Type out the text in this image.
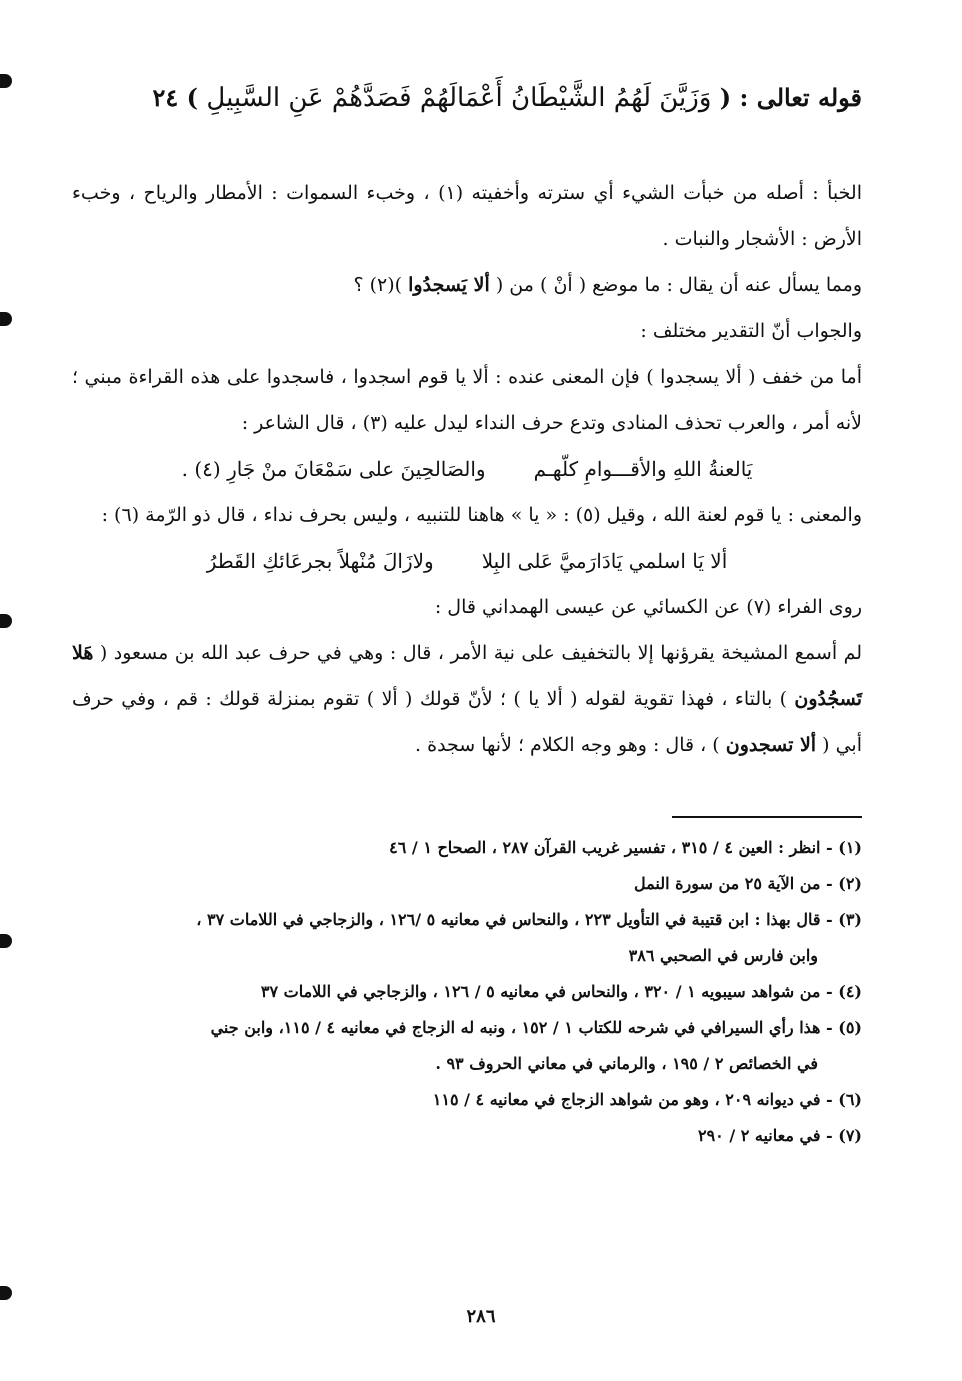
قوله تعالى : ( وَزَيَّنَ لَهُمُ الشَّيْطَانُ أَعْمَالَهُمْ فَصَدَّهُمْ عَنِ السَّبِيلِ ) ٢٤

الخبأ : أصله من خبأت الشيء أي سترته وأخفيته (١) ، وخبء السموات : الأمطار والرياح ، وخبء الأرض : الأشجار والنبات .

ومما يسأل عنه أن يقال : ما موضع ( أنْ ) من ( ألا يَسجدُوا )(٢) ؟

والجواب أنّ التقدير مختلف :

أما من خفف ( ألا يسجدوا ) فإن المعنى عنده : ألا يا قوم اسجدوا ، فاسجدوا على هذه القراءة مبني ؛ لأنه أمر ، والعرب تحذف المنادى وتدع حرف النداء ليدل عليه (٣) ، قال الشاعر :

يَالعنةُ اللهِ والأقـــوامِ كلّهـم
والصَالحِينَ على سَمْعَانَ منْ جَارِ (٤) .

والمعنى : يا قوم لعنة الله ، وقيل (٥) : « يا » هاهنا للتنبيه ، وليس بحرف نداء ، قال ذو الرّمة (٦) :

ألا يَا اسلمي يَادَارَميَّ عَلى البِلا
ولازَالَ مُنْهلاً بجرعَائكِ القَطرُ

روى الفراء (٧) عن الكسائي عن عيسى الهمداني قال :

لم أسمع المشيخة يقرؤنها إلا بالتخفيف على نية الأمر ، قال : وهي في حرف عبد الله بن مسعود ( هَلا تَسجُدُون ) بالتاء ، فهذا تقوية لقوله ( ألا يا ) ؛ لأنّ قولك ( ألا ) تقوم بمنزلة قولك : قم ، وفي حرف أبي ( ألا تسجدون ) ، قال : وهو وجه الكلام ؛ لأنها سجدة .

(١) - انظر : العين ٤ / ٣١٥ ، تفسير غريب القرآن ٢٨٧ ، الصحاح ١ / ٤٦

(٢) - من الآية ٢٥ من سورة النمل

(٣) - قال بهذا : ابن قتيبة في التأويل ٢٢٣ ، والنحاس في معانيه ٥ /١٢٦ ، والزجاجي في اللامات ٣٧ ،

وابن فارس في الصحبي ٣٨٦

(٤) - من شواهد سيبويه ١ / ٣٢٠ ، والنحاس في معانيه ٥ / ١٢٦ ، والزجاجي في اللامات ٣٧

(٥) - هذا رأي السيرافي في شرحه للكتاب ١ / ١٥٢ ، ونبه له الزجاج في معانيه ٤ / ١١٥، وابن جني

في الخصائص ٢ / ١٩٥ ، والرماني في معاني الحروف ٩٣ .

(٦) - في ديوانه ٢٠٩ ، وهو من شواهد الزجاج في معانيه ٤ / ١١٥

(٧) - في معانيه ٢ / ٢٩٠

٢٨٦
